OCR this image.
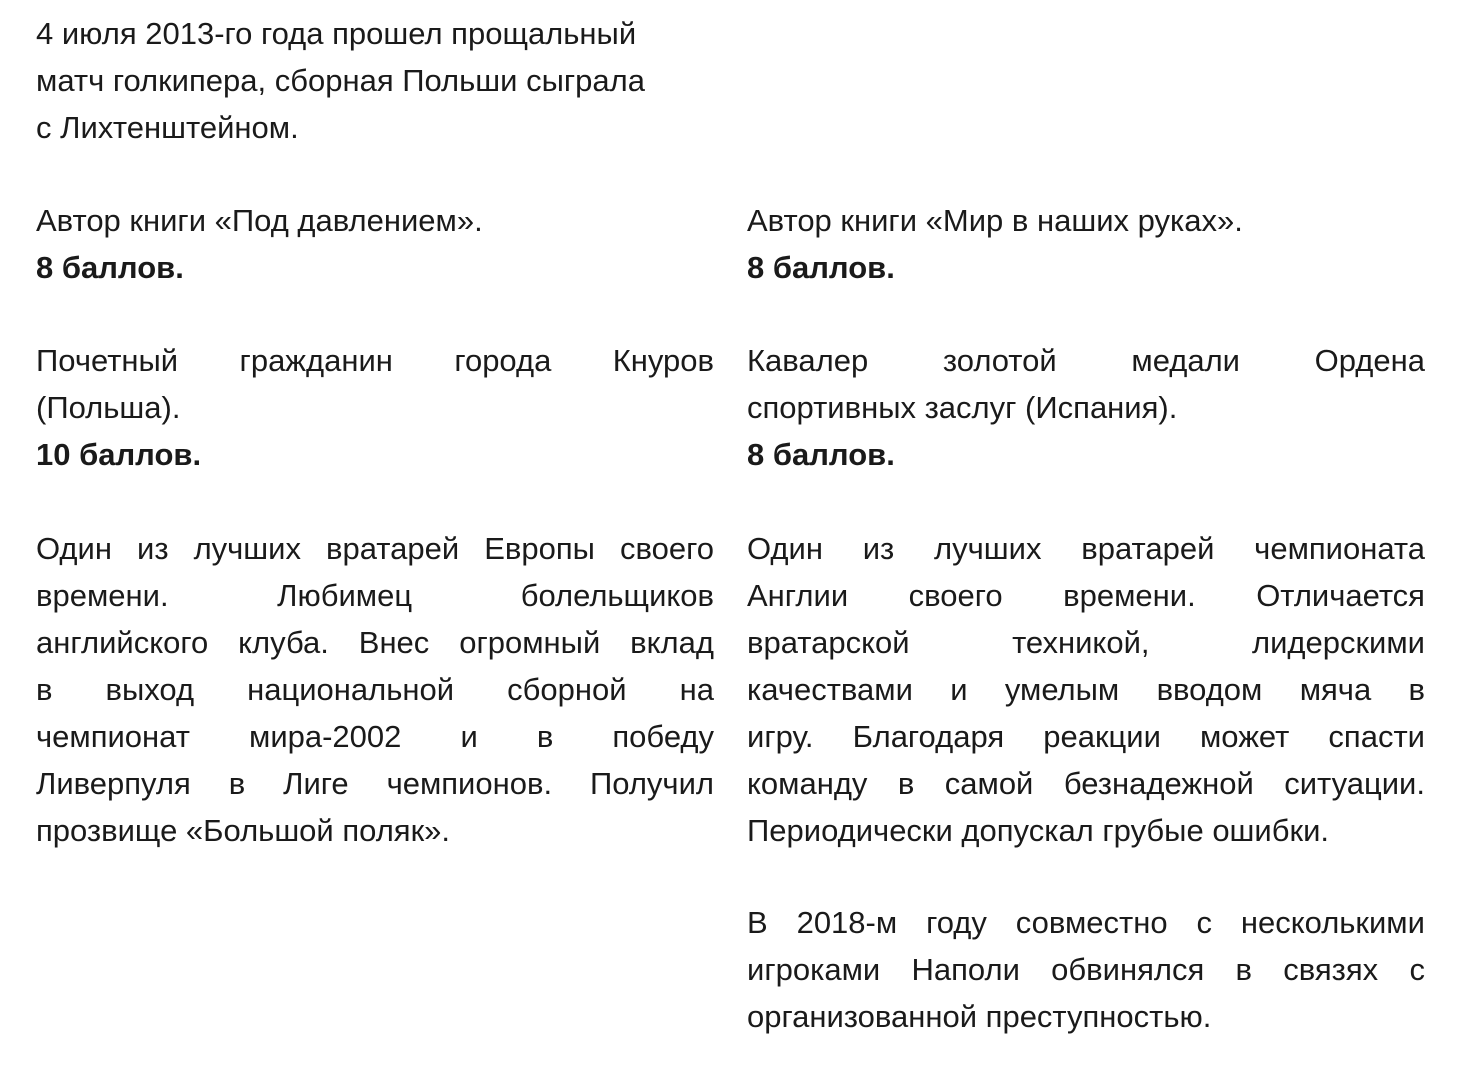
4 июля 2013-го года прошел прощальный
матч голкипера, сборная Польши сыграла
с Лихтенштейном.
Автор книги «Под давлением».
8 баллов.
Почетный гражданин города Кнуров
(Польша).
10 баллов.
Один из лучших вратарей Европы своего
времени.	Любимец	болельщиков
английского клуба. Внес огромный вклад
в выход национальной сборной на
чемпионат мира-2002 и в победу
Ливерпуля в Лиге чемпионов. Получил
прозвище «Большой поляк».
Автор книги «Мир в наших руках».
8 баллов.
Кавалер золотой медали Ордена
спортивных заслуг (Испания).
8 баллов.
Один из лучших вратарей чемпионата
Англии своего времени. Отличается
вратарской	техникой,	лидерскими
качествами и умелым вводом мяча в
игру. Благодаря реакции может спасти
команду в самой безнадежной ситуации.
Периодически допускал грубые ошибки.
В 2018-м году совместно с несколькими
игроками Наполи обвинялся в связях с
организованной преступностью.
